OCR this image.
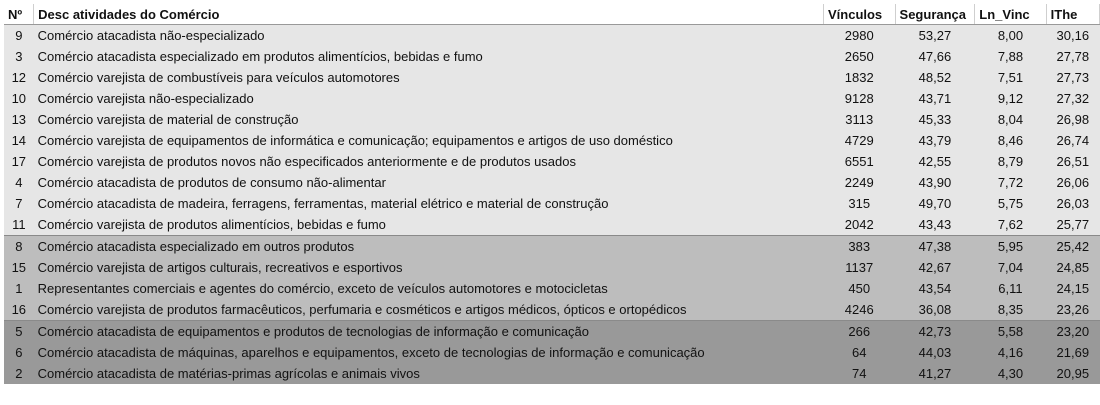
Nº	Desc atividades do Comércio	Vínculos	Segurança	Ln_Vinc	IThe
9	Comércio atacadista não-especializado	2980	53,27	8,00	30,16
3	Comércio atacadista especializado em produtos alimentícios, bebidas e fumo	2650	47,66	7,88	27,78
12	Comércio varejista de combustíveis para veículos automotores	1832	48,52	7,51	27,73
10	Comércio varejista não-especializado	9128	43,71	9,12	27,32
13	Comércio varejista de material de construção	3113	45,33	8,04	26,98
14	Comércio varejista de equipamentos de informática e comunicação; equipamentos e artigos de uso doméstico	4729	43,79	8,46	26,74
17	Comércio varejista de produtos novos não especificados anteriormente e de produtos usados	6551	42,55	8,79	26,51
4	Comércio atacadista de produtos de consumo não-alimentar	2249	43,90	7,72	26,06
7	Comércio atacadista de madeira, ferragens, ferramentas, material elétrico e material de construção	315	49,70	5,75	26,03
11	Comércio varejista de produtos alimentícios, bebidas e fumo	2042	43,43	7,62	25,77
8	Comércio atacadista especializado em outros produtos	383	47,38	5,95	25,42
15	Comércio varejista de artigos culturais, recreativos e esportivos	1137	42,67	7,04	24,85
1	Representantes comerciais e agentes do comércio, exceto de veículos automotores e motocicletas	450	43,54	6,11	24,15
16	Comércio varejista de produtos farmacêuticos, perfumaria e cosméticos e artigos médicos, ópticos e ortopédicos	4246	36,08	8,35	23,26
5	Comércio atacadista de equipamentos e produtos de tecnologias de informação e comunicação	266	42,73	5,58	23,20
6	Comércio atacadista de máquinas, aparelhos e equipamentos, exceto de tecnologias de informação e comunicação	64	44,03	4,16	21,69
2	Comércio atacadista de matérias-primas agrícolas e animais vivos	74	41,27	4,30	20,95
